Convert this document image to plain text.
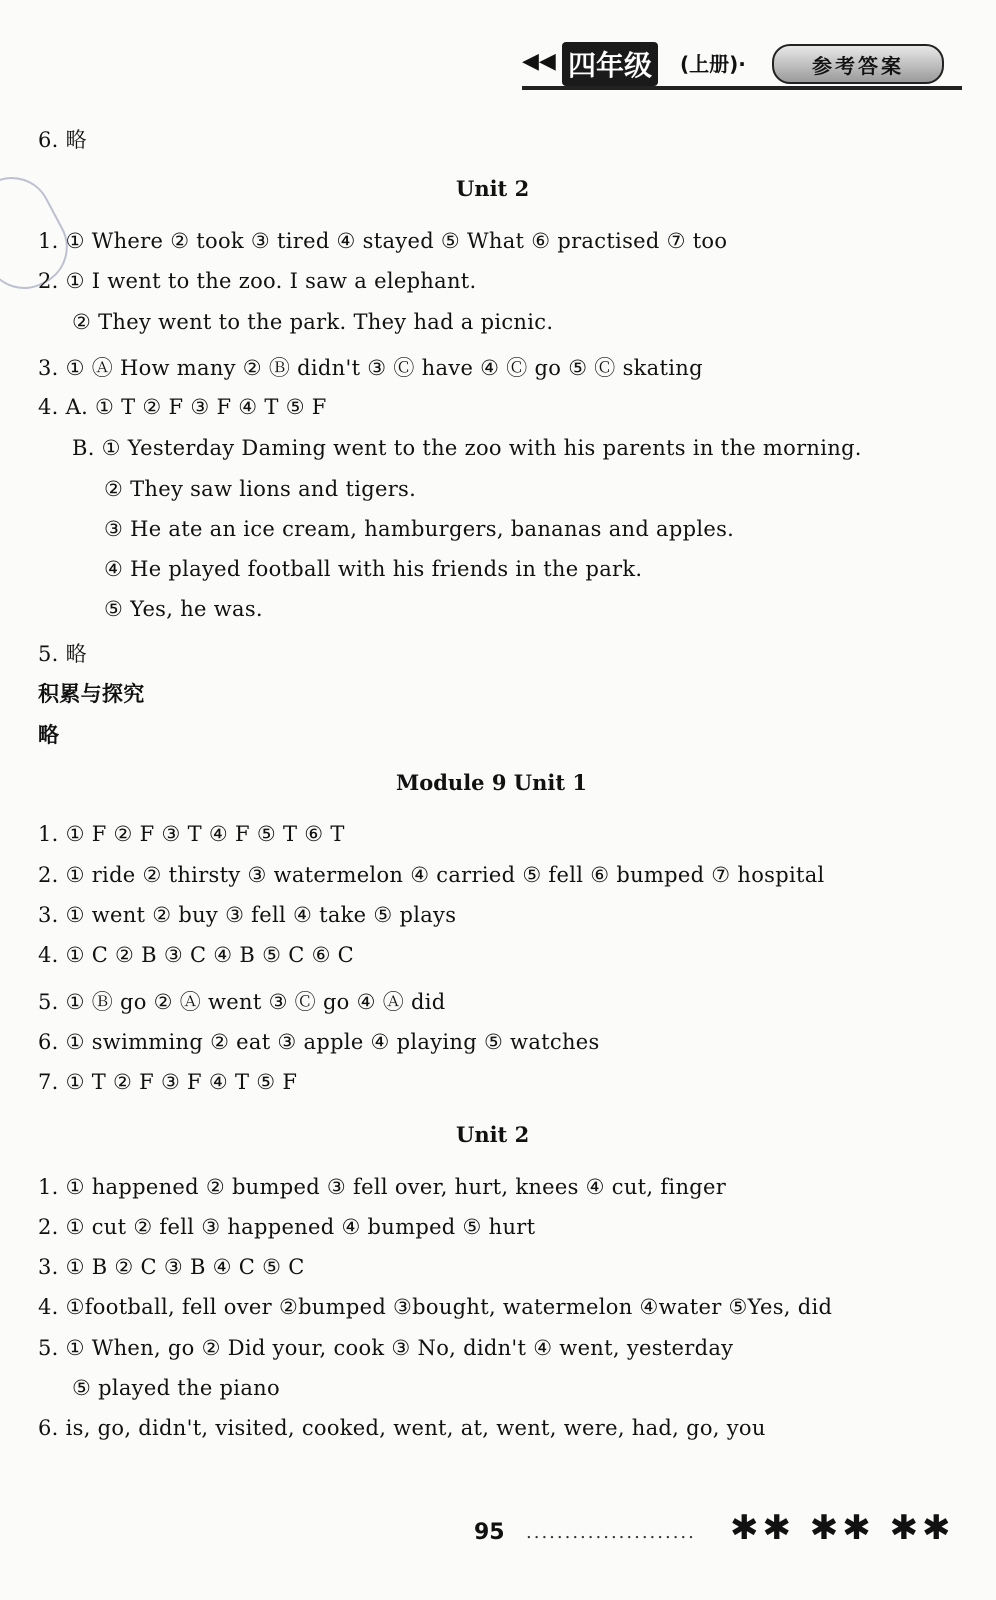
◀◀ 四年级	(上册)·	参考答案
6. 略
Unit 2
1. ① Where ② took ③ tired ④ stayed ⑤ What ⑥ practised ⑦ too
2. ① I went to the zoo. I saw a elephant.
② They went to the park. They had a picnic.
3. ① Ⓐ How many ② Ⓑ didn't ③ Ⓒ have ④ Ⓒ go ⑤ Ⓒ skating
4. A. ① T ② F ③ F ④ T ⑤ F
B. ① Yesterday Daming went to the zoo with his parents in the morning.
② They saw lions and tigers.
③ He ate an ice cream, hamburgers, bananas and apples.
④ He played football with his friends in the park.
⑤ Yes, he was.
5. 略
积累与探究
略
Module 9 Unit 1
1. ① F ② F ③ T ④ F ⑤ T ⑥ T
2. ① ride ② thirsty ③ watermelon ④ carried ⑤ fell ⑥ bumped ⑦ hospital
3. ① went ② buy ③ fell ④ take ⑤ plays
4. ① C ② B ③ C ④ B ⑤ C ⑥ C
5. ① Ⓑ go ② Ⓐ went ③ Ⓒ go ④ Ⓐ did
6. ① swimming ② eat ③ apple ④ playing ⑤ watches
7. ① T ② F ③ F ④ T ⑤ F
Unit 2
1. ① happened ② bumped ③ fell over, hurt, knees ④ cut, finger
2. ① cut ② fell ③ happened ④ bumped ⑤ hurt
3. ① B ② C ③ B ④ C ⑤ C
4. ①football, fell over ②bumped ③bought, watermelon ④water ⑤Yes, did
5. ① When, go ② Did your, cook ③ No, didn't ④ went, yesterday
⑤ played the piano
6. is, go, didn't, visited, cooked, went, at, went, were, had, go, you
95 ...................... ✱✱ ✱✱ ✱✱
